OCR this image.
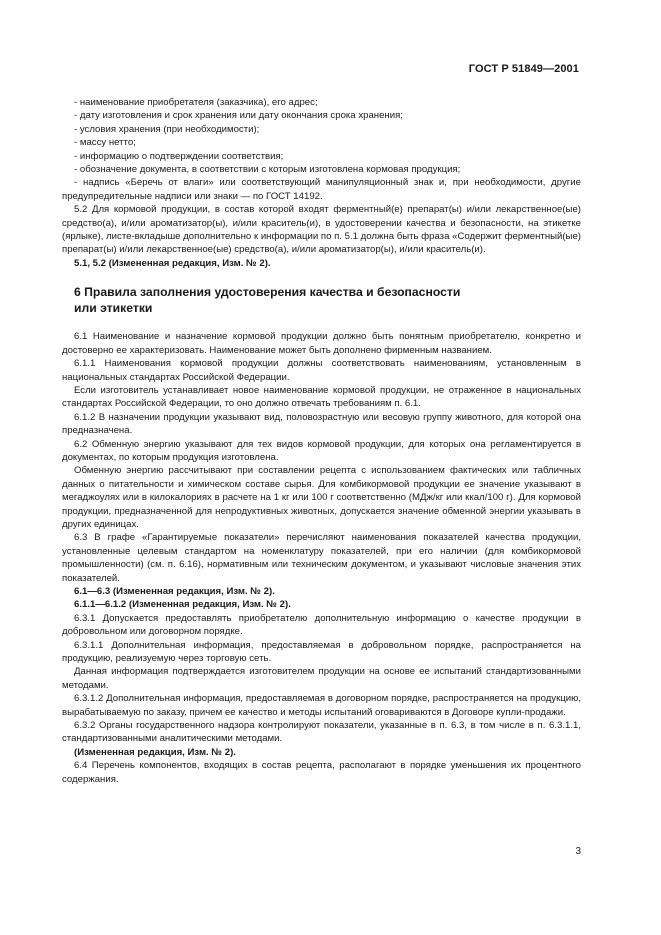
ГОСТ Р 51849—2001

- наименование приобретателя (заказчика), его адрес;

- дату изготовления и срок хранения или дату окончания срока хранения;

- условия хранения (при необходимости);

- массу нетто;

- информацию о подтверждении соответствия;

- обозначение документа, в соответствии с которым изготовлена кормовая продукция;

- надпись «Беречь от влаги» или соответствующий манипуляционный знак и, при необходимости, другие предупредительные надписи или знаки — по ГОСТ 14192.

5.2 Для кормовой продукции, в состав которой входят ферментный(е) препарат(ы) и/или лекарственное(ые) средство(а), и/или ароматизатор(ы), и/или краситель(и), в удостоверении качества и безопасности, на этикетке (ярлыке), листе-вкладыше дополнительно к информации по п. 5.1 должна быть фраза «Содержит ферментный(ые) препарат(ы) и/или лекарственное(ые) средство(а), и/или ароматизатор(ы), и/или краситель(и).

5.1, 5.2 (Измененная редакция, Изм. № 2).

6 Правила заполнения удостоверения качества и безопасности
или этикетки

6.1 Наименование и назначение кормовой продукции должно быть понятным приобретателю, конкретно и достоверно ее характеризовать. Наименование может быть дополнено фирменным названием.

6.1.1 Наименования кормовой продукции должны соответствовать наименованиям, установленным в национальных стандартах Российской Федерации.

Если изготовитель устанавливает новое наименование кормовой продукции, не отраженное в национальных стандартах Российской Федерации, то оно должно отвечать требованиям п. 6.1.

6.1.2 В назначении продукции указывают вид, половозрастную или весовую группу животного, для которой она предназначена.

6.2 Обменную энергию указывают для тех видов кормовой продукции, для которых она регламентируется в документах, по которым продукция изготовлена.

Обменную энергию рассчитывают при составлении рецепта с использованием фактических или табличных данных о питательности и химическом составе сырья. Для комбикормовой продукции ее значение указывают в мегаджоулях или в килокалориях в расчете на 1 кг или 100 г соответственно (МДж/кг или ккал/100 г). Для кормовой продукции, предназначенной для непродуктивных животных, допускается значение обменной энергии указывать в других единицах.

6.3 В графе «Гарантируемые показатели» перечисляют наименования показателей качества продукции, установленные целевым стандартом на номенклатуру показателей, при его наличии (для комбикормовой промышленности) (см. п. 6.16), нормативным или техническим документом, и указывают числовые значения этих показателей.

6.1—6.3 (Измененная редакция, Изм. № 2).

6.1.1—6.1.2 (Измененная редакция, Изм. № 2).

6.3.1 Допускается предоставлять приобретателю дополнительную информацию о качестве продукции в добровольном или договорном порядке.

6.3.1.1 Дополнительная информация, предоставляемая в добровольном порядке, распространяется на продукцию, реализуемую через торговую сеть.

Данная информация подтверждается изготовителем продукции на основе ее испытаний стандартизованными методами.

6.3.1.2 Дополнительная информация, предоставляемая в договорном порядке, распространяется на продукцию, вырабатываемую по заказу, причем ее качество и методы испытаний оговариваются в Договоре купли-продажи.

6.3.2 Органы государственного надзора контролируют показатели, указанные в п. 6.3, в том числе в п. 6.3.1.1, стандартизованными аналитическими методами.

(Измененная редакция, Изм. № 2).

6.4 Перечень компонентов, входящих в состав рецепта, располагают в порядке уменьшения их процентного содержания.

3
